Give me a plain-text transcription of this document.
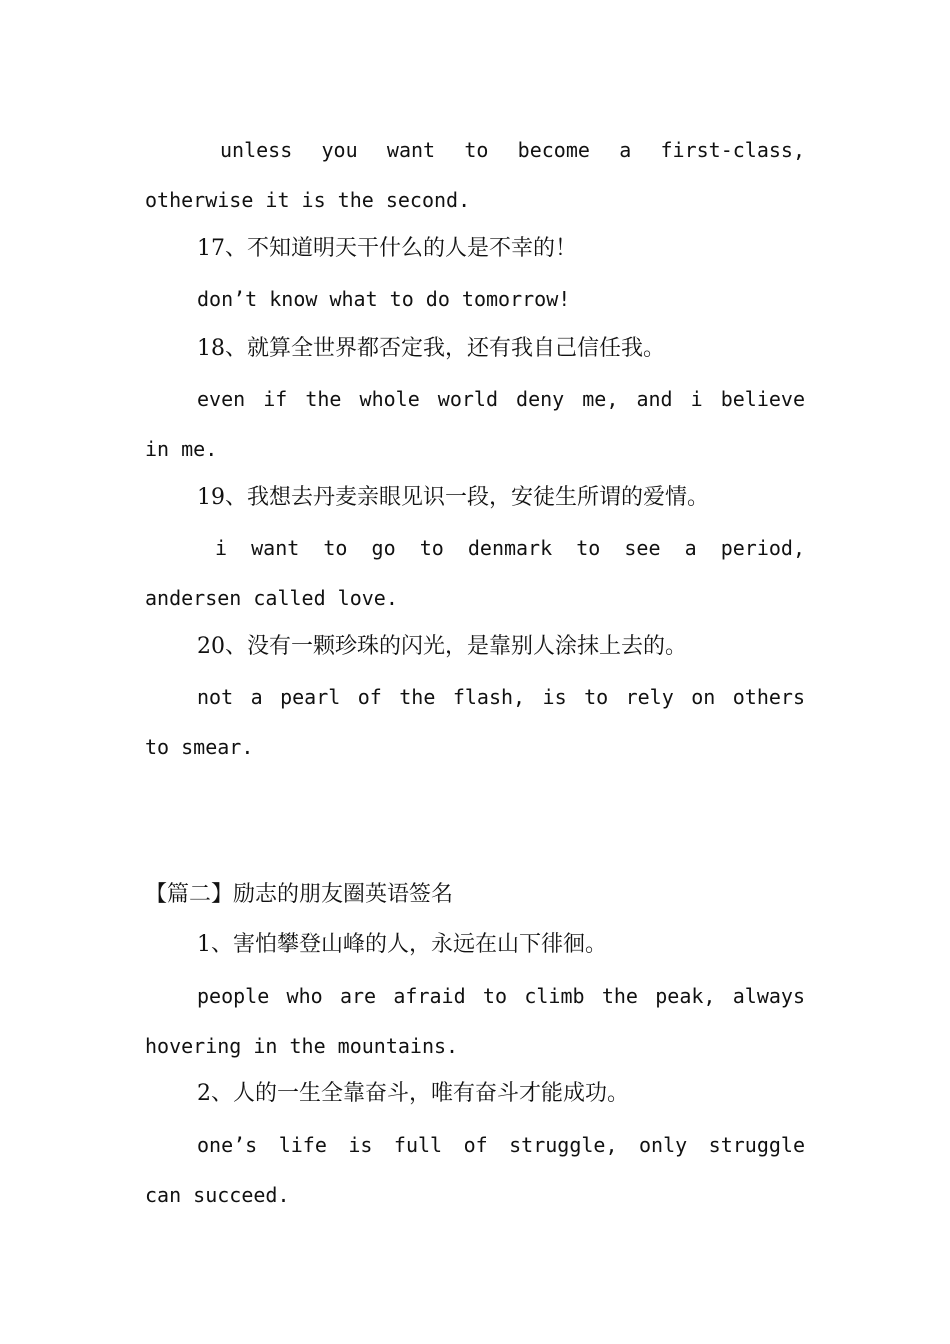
unless you want to become a first-class,
otherwise it is the second.
17、不知道明天干什么的人是不幸的！
don’t know what to do tomorrow!
18、就算全世界都否定我，还有我自己信任我。
even if the whole world deny me, and i believe
in me.
19、我想去丹麦亲眼见识一段，安徒生所谓的爱情。
i want to go to denmark to see a period,
andersen called love.
20、没有一颗珍珠的闪光，是靠别人涂抹上去的。
not a pearl of the flash, is to rely on others
to smear.
【篇二】励志的朋友圈英语签名
1、害怕攀登山峰的人，永远在山下徘徊。
people who are afraid to climb the peak, always
hovering in the mountains.
2、人的一生全靠奋斗，唯有奋斗才能成功。
one’s life is full of struggle, only struggle
can succeed.
